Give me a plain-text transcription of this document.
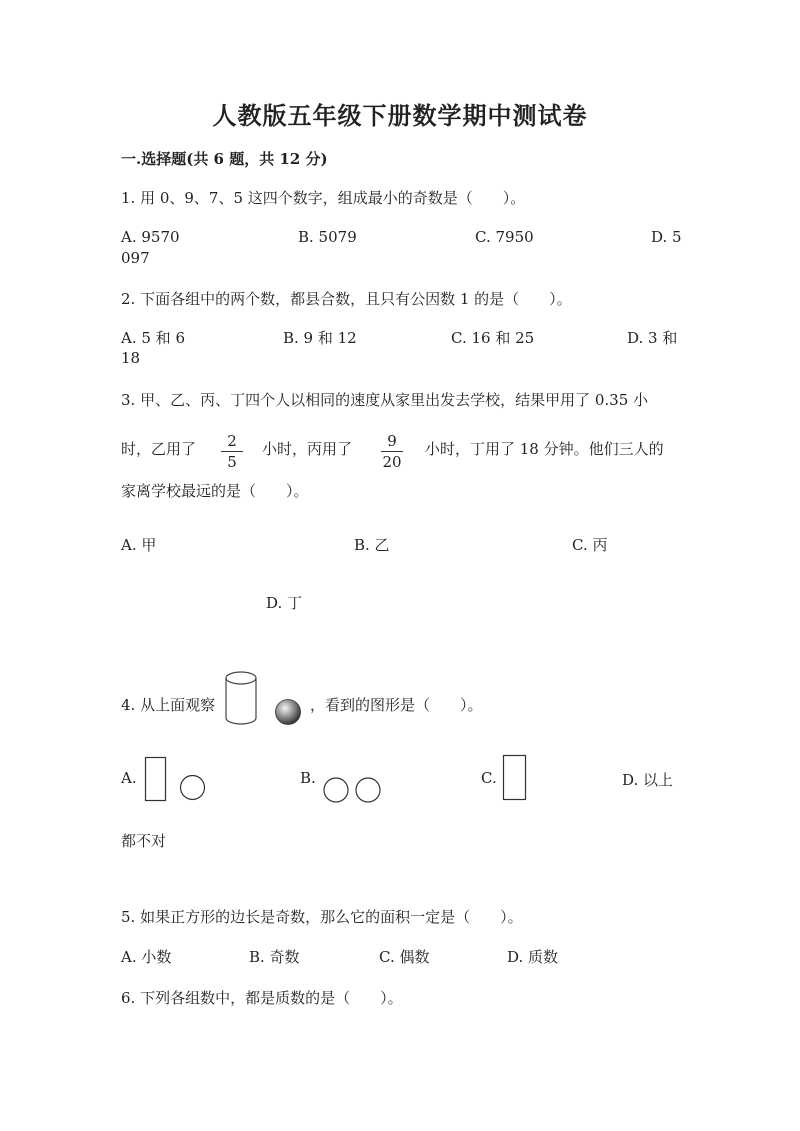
人教版五年级下册数学期中测试卷
一.选择题(共 6 题，共 12 分)
1. 用 0、9、7、5 这四个数字，组成最小的奇数是（　　）。
A. 9570	B. 5079	C. 7950	D. 5
097
2. 下面各组中的两个数，都县合数，且只有公因数 1 的是（　　）。
A. 5 和 6	B. 9 和 12	C. 16 和 25	D. 3 和
18
3. 甲、乙、丙、丁四个人以相同的速度从家里出发去学校，结果甲用了 0.35 小
时，乙用了	2
5
小时，丙用了	9
20
小时，丁用了 18 分钟。他们三人的
家离学校最远的是（　　）。
A. 甲	B. 乙	C. 丙
D. 丁
4. 从上面观察	，看到的图形是（　　）。
A.	B.	C.	D. 以上
都不对
5. 如果正方形的边长是奇数，那么它的面积一定是（　　）。
A. 小数	B. 奇数	C. 偶数	D. 质数
6. 下列各组数中，都是质数的是（　　）。
